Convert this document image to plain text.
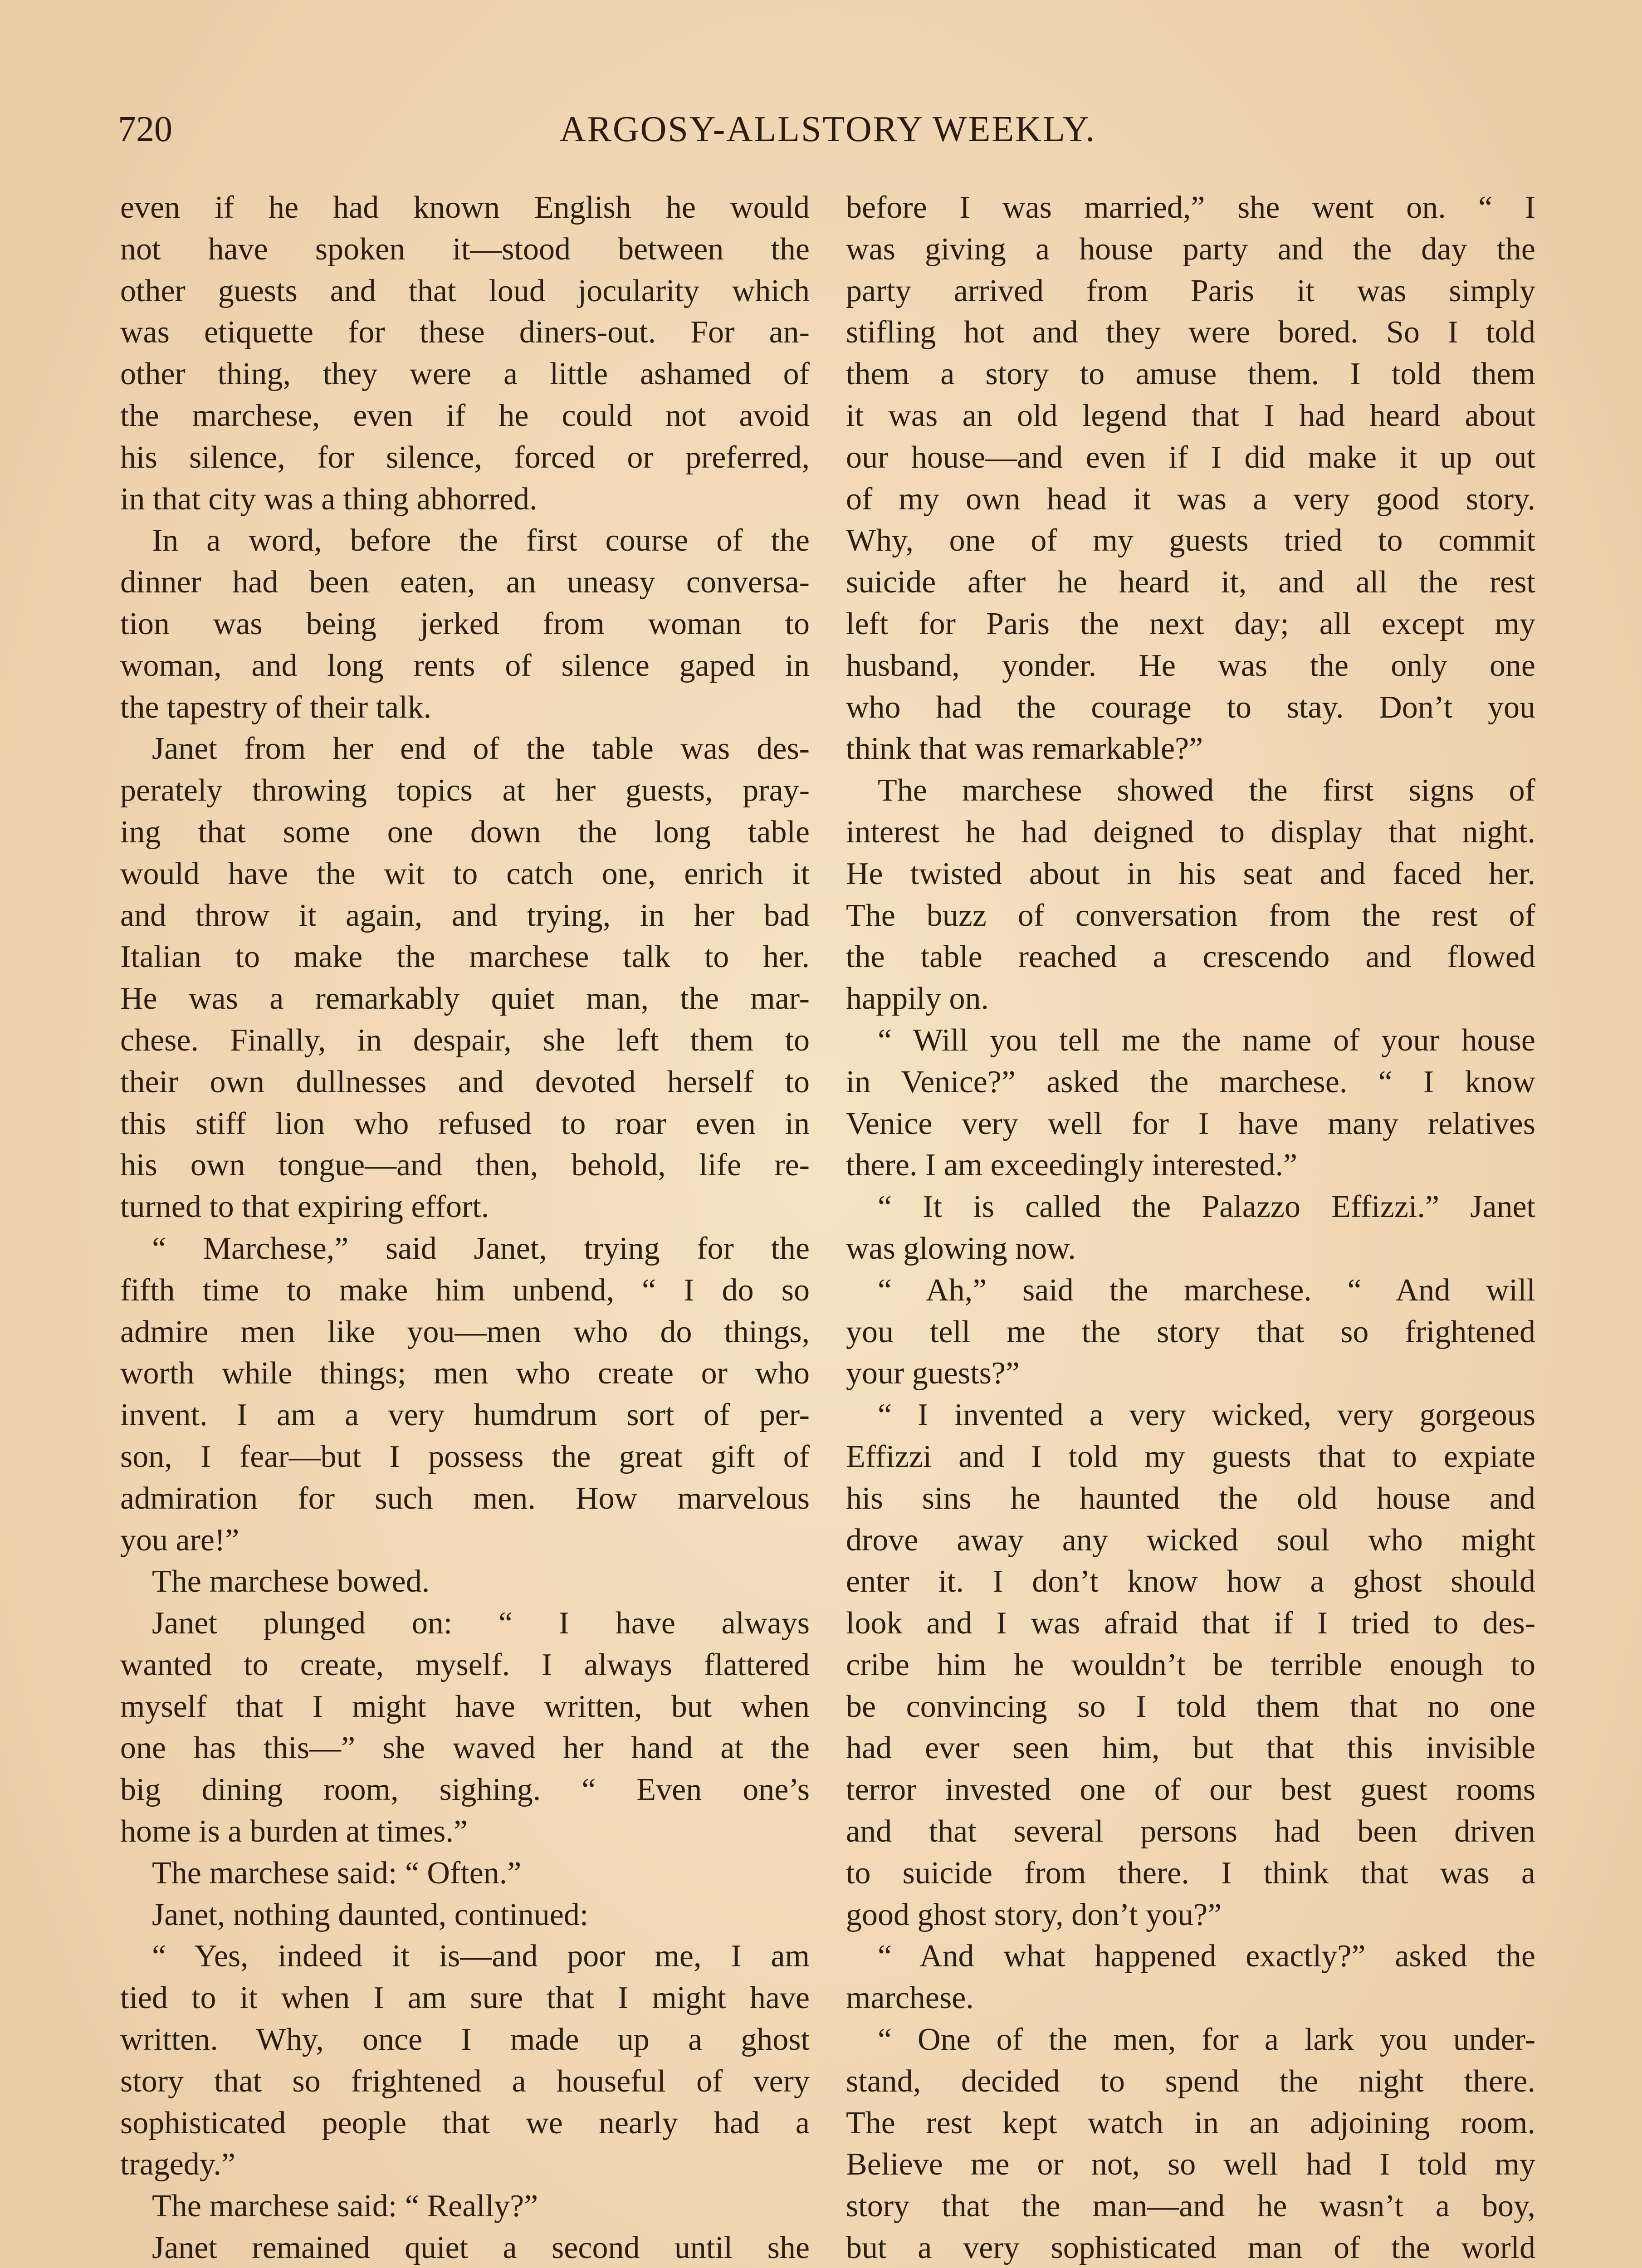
720	ARGOSY-ALLSTORY WEEKLY.
even if he had known English he would
not have spoken it—stood between the
other guests and that loud jocularity which
was etiquette for these diners-out. For an-
other thing, they were a little ashamed of
the marchese, even if he could not avoid
his silence, for silence, forced or preferred,
in that city was a thing abhorred.
In a word, before the first course of the
dinner had been eaten, an uneasy conversa-
tion was being jerked from woman to
woman, and long rents of silence gaped in
the tapestry of their talk.
Janet from her end of the table was des-
perately throwing topics at her guests, pray-
ing that some one down the long table
would have the wit to catch one, enrich it
and throw it again, and trying, in her bad
Italian to make the marchese talk to her.
He was a remarkably quiet man, the mar-
chese. Finally, in despair, she left them to
their own dullnesses and devoted herself to
this stiff lion who refused to roar even in
his own tongue—and then, behold, life re-
turned to that expiring effort.
“ Marchese,” said Janet, trying for the
fifth time to make him unbend, “ I do so
admire men like you—men who do things,
worth while things; men who create or who
invent. I am a very humdrum sort of per-
son, I fear—but I possess the great gift of
admiration for such men. How marvelous
you are!”
The marchese bowed.
Janet plunged on: “ I have always
wanted to create, myself. I always flattered
myself that I might have written, but when
one has this—” she waved her hand at the
big dining room, sighing. “ Even one’s
home is a burden at times.”
The marchese said: “ Often.”
Janet, nothing daunted, continued:
“ Yes, indeed it is—and poor me, I am
tied to it when I am sure that I might have
written. Why, once I made up a ghost
story that so frightened a houseful of very
sophisticated people that we nearly had a
tragedy.”
The marchese said: “ Really?”
Janet remained quiet a second until she
before I was married,” she went on. “ I
was giving a house party and the day the
party arrived from Paris it was simply
stifling hot and they were bored. So I told
them a story to amuse them. I told them
it was an old legend that I had heard about
our house—and even if I did make it up out
of my own head it was a very good story.
Why, one of my guests tried to commit
suicide after he heard it, and all the rest
left for Paris the next day; all except my
husband, yonder. He was the only one
who had the courage to stay. Don’t you
think that was remarkable?”
The marchese showed the first signs of
interest he had deigned to display that night.
He twisted about in his seat and faced her.
The buzz of conversation from the rest of
the table reached a crescendo and flowed
happily on.
“ Will you tell me the name of your house
in Venice?” asked the marchese. “ I know
Venice very well for I have many relatives
there. I am exceedingly interested.”
“ It is called the Palazzo Effizzi.” Janet
was glowing now.
“ Ah,” said the marchese. “ And will
you tell me the story that so frightened
your guests?”
“ I invented a very wicked, very gorgeous
Effizzi and I told my guests that to expiate
his sins he haunted the old house and
drove away any wicked soul who might
enter it. I don’t know how a ghost should
look and I was afraid that if I tried to des-
cribe him he wouldn’t be terrible enough to
be convincing so I told them that no one
had ever seen him, but that this invisible
terror invested one of our best guest rooms
and that several persons had been driven
to suicide from there. I think that was a
good ghost story, don’t you?”
“ And what happened exactly?” asked the
marchese.
“ One of the men, for a lark you under-
stand, decided to spend the night there.
The rest kept watch in an adjoining room.
Believe me or not, so well had I told my
story that the man—and he wasn’t a boy,
but a very sophisticated man of the world
